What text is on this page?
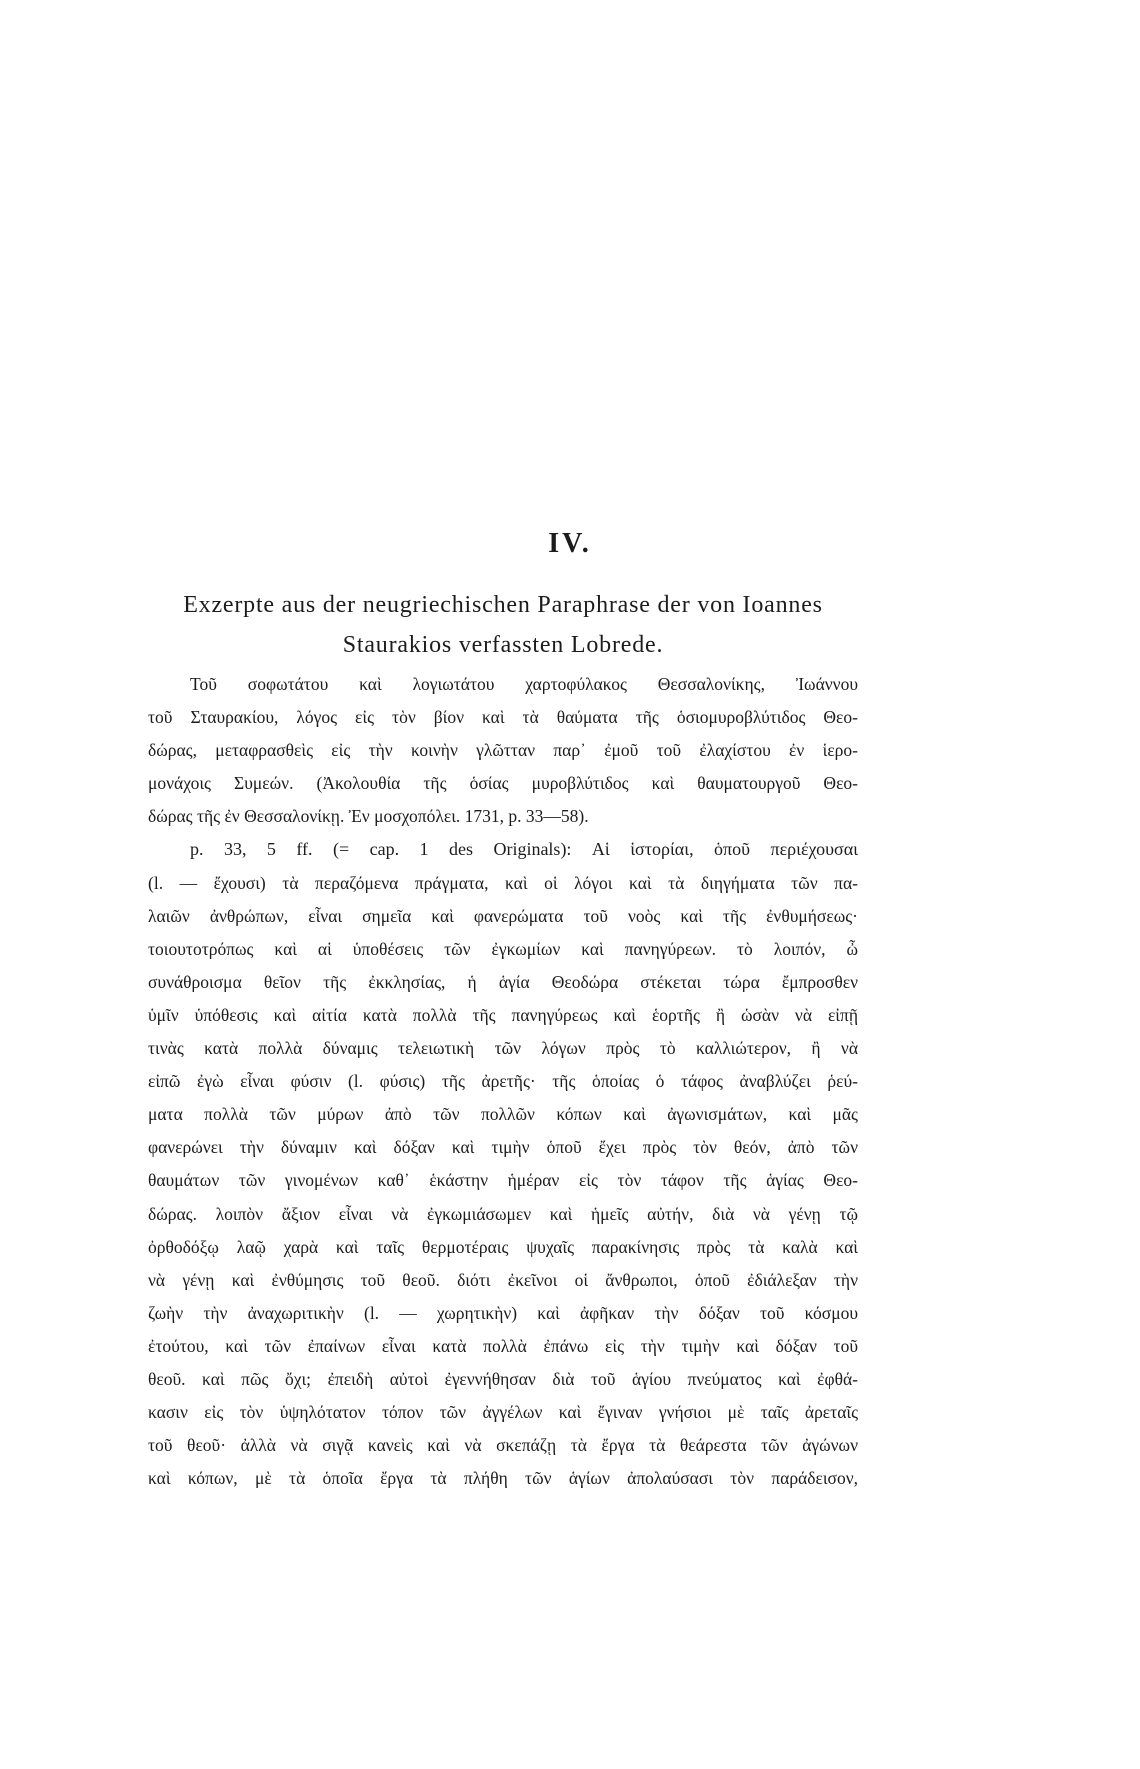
IV.
Exzerpte aus der neugriechischen Paraphrase der von Ioannes
Staurakios verfassten Lobrede.
Τοῦ σοφωτάτου καὶ λογιωτάτου χαρτοφύλακος Θεσσαλονίκης, Ἰωάννου
τοῦ Σταυρακίου, λόγος εἰς τὸν βίον καὶ τὰ θαύματα τῆς ὁσιομυροβλύτιδος Θεο-
δώρας, μεταφρασθεὶς εἰς τὴν κοινὴν γλῶτταν παρ᾽ ἐμοῦ τοῦ ἐλαχίστου ἐν ἱερο-
μονάχοις Συμεών. (Ἀκολουθία τῆς ὁσίας μυροβλύτιδος καὶ θαυματουργοῦ Θεο-
δώρας τῆς ἐν Θεσσαλονίκῃ. Ἐν μοσχοπόλει. 1731, p. 33—58).
p. 33, 5 ff. (= cap. 1 des Originals): Αἱ ἱστορίαι, ὁποῦ περιέχουσαι
(l. — ἔχουσι) τὰ περαζόμενα πράγματα, καὶ οἱ λόγοι καὶ τὰ διηγήματα τῶν πα-
λαιῶν ἀνθρώπων, εἶναι σημεῖα καὶ φανερώματα τοῦ νοὸς καὶ τῆς ἐνθυμήσεως·
τοιουτοτρόπως καὶ αἱ ὑποθέσεις τῶν ἐγκωμίων καὶ πανηγύρεων. τὸ λοιπόν, ὦ
συνάθροισμα θεῖον τῆς ἐκκλησίας, ἡ ἁγία Θεοδώρα στέκεται τώρα ἔμπροσθεν
ὑμῖν ὑπόθεσις καὶ αἰτία κατὰ πολλὰ τῆς πανηγύρεως καὶ ἑορτῆς ἢ ὡσὰν νὰ εἰπῇ
τινὰς κατὰ πολλὰ δύναμις τελειωτικὴ τῶν λόγων πρὸς τὸ καλλιώτερον, ἢ νὰ
εἰπῶ ἐγὼ εἶναι φύσιν (l. φύσις) τῆς ἀρετῆς· τῆς ὁποίας ὁ τάφος ἀναβλύζει ῥεύ-
ματα πολλὰ τῶν μύρων ἀπὸ τῶν πολλῶν κόπων καὶ ἀγωνισμάτων, καὶ μᾶς
φανερώνει τὴν δύναμιν καὶ δόξαν καὶ τιμὴν ὁποῦ ἔχει πρὸς τὸν θεόν, ἀπὸ τῶν
θαυμάτων τῶν γινομένων καθ᾽ ἑκάστην ἡμέραν εἰς τὸν τάφον τῆς ἁγίας Θεο-
δώρας. λοιπὸν ἄξιον εἶναι νὰ ἐγκωμιάσωμεν καὶ ἡμεῖς αὐτήν, διὰ νὰ γένῃ τῷ
ὀρθοδόξῳ λαῷ χαρὰ καὶ ταῖς θερμοτέραις ψυχαῖς παρακίνησις πρὸς τὰ καλὰ καὶ
νὰ γένῃ καὶ ἐνθύμησις τοῦ θεοῦ. διότι ἐκεῖνοι οἱ ἄνθρωποι, ὁποῦ ἐδιάλεξαν τὴν
ζωὴν τὴν ἀναχωριτικὴν (l. — χωρητικὴν) καὶ ἀφῆκαν τὴν δόξαν τοῦ κόσμου
ἐτούτου, καὶ τῶν ἐπαίνων εἶναι κατὰ πολλὰ ἐπάνω εἰς τὴν τιμὴν καὶ δόξαν τοῦ
θεοῦ. καὶ πῶς ὄχι; ἐπειδὴ αὐτοὶ ἐγεννήθησαν διὰ τοῦ ἁγίου πνεύματος καὶ ἐφθά-
κασιν εἰς τὸν ὑψηλότατον τόπον τῶν ἀγγέλων καὶ ἔγιναν γνήσιοι μὲ ταῖς ἀρεταῖς
τοῦ θεοῦ· ἀλλὰ νὰ σιγᾷ κανεὶς καὶ νὰ σκεπάζῃ τὰ ἔργα τὰ θεάρεστα τῶν ἀγώνων
καὶ κόπων, μὲ τὰ ὁποῖα ἔργα τὰ πλήθη τῶν ἁγίων ἀπολαύσασι τὸν παράδεισον,
